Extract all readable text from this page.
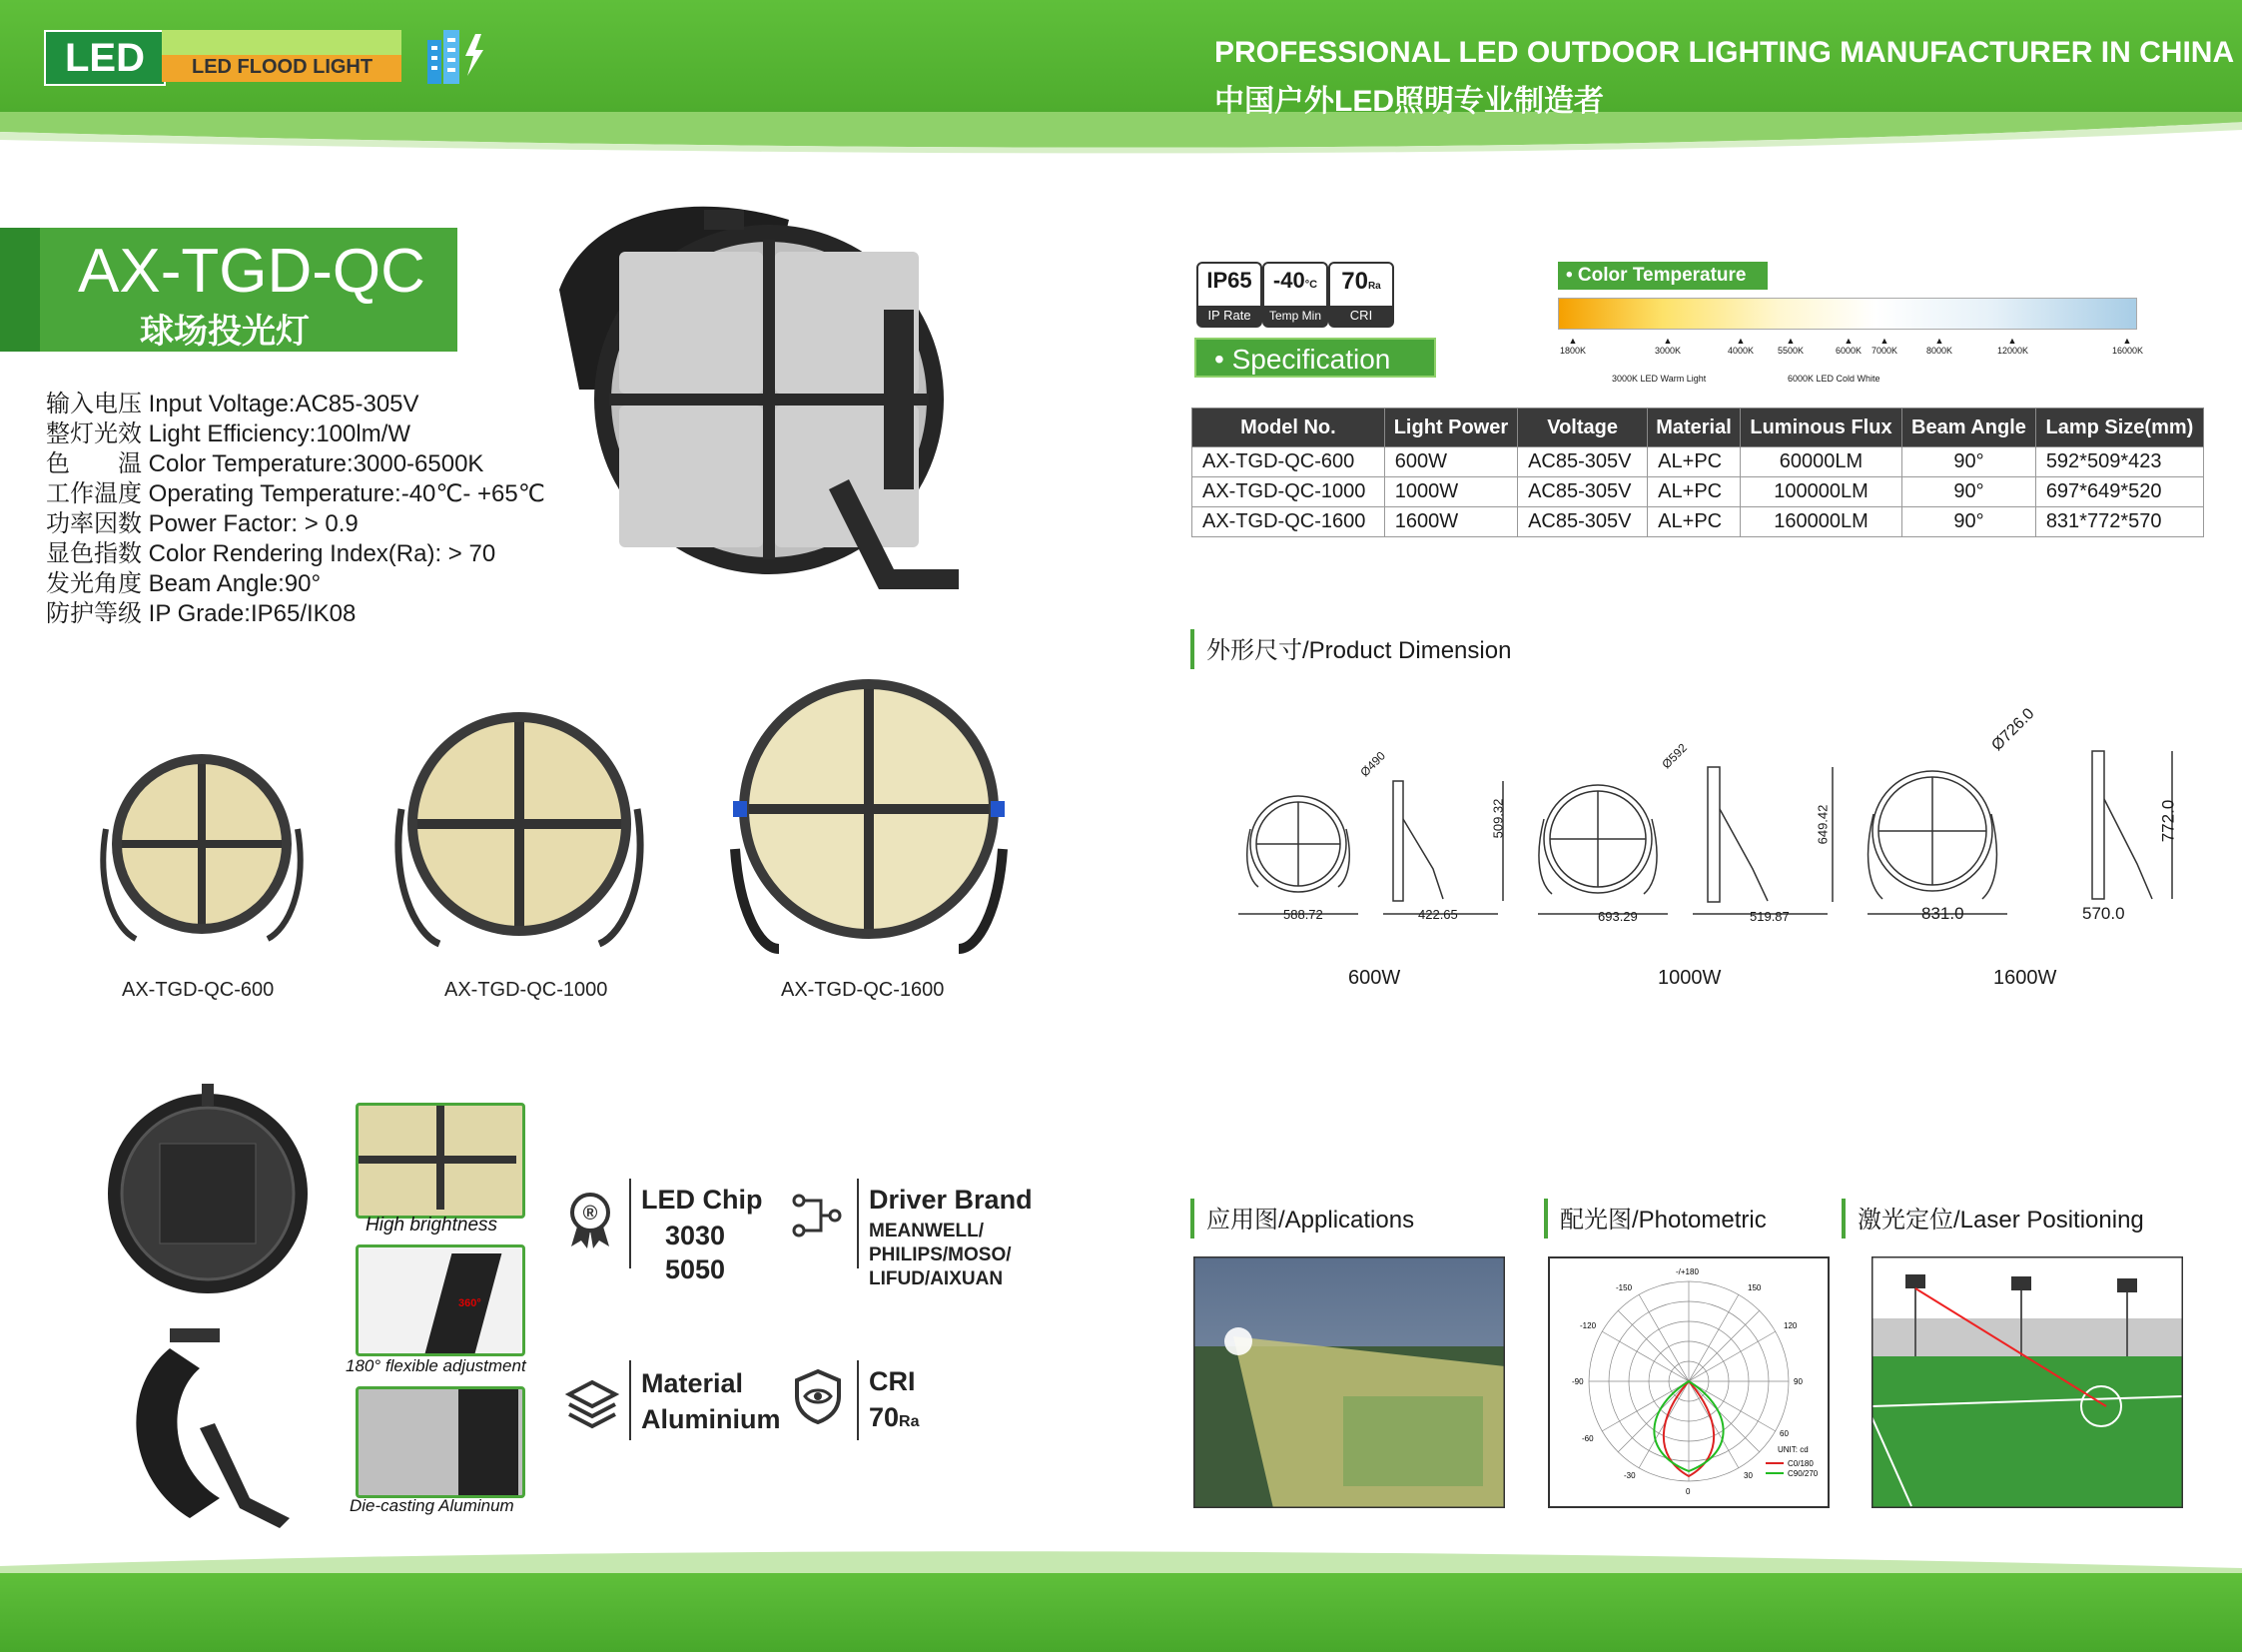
LED	LED FLOOD LIGHT	PROFESSIONAL LED OUTDOOR LIGHTING MANUFACTURER IN CHINA
中国户外LED照明专业制造者
AX-TGD-QC
球场投光灯
输入电压 Input Voltage:AC85-305V
整灯光效 Light Efficiency:100lm/W
色　　温 Color Temperature:3000-6500K
工作温度 Operating Temperature:-40℃- +65℃
功率因数 Power Factor: > 0.9
显色指数 Color Rendering Index(Ra): > 70
发光角度 Beam Angle:90°
防护等级 IP Grade:IP65/IK08
AX-TGD-QC-600	AX-TGD-QC-1000	AX-TGD-QC-1600
IP65
IP Rate
-40°C
Temp Min
70Ra
CRI
• Specification
• Color Temperature
▲
1800K
▲
3000K
▲
4000K
▲
5500K
▲
6000K
▲
7000K
▲
8000K
▲
12000K
▲
16000K
3000K LED Warm Light	6000K LED Cold White
Model No.	Light Power	Voltage	Material	Luminous Flux	Beam Angle	Lamp Size(mm)
AX-TGD-QC-600	600W	AC85-305V	AL+PC	60000LM	90°	592*509*423
AX-TGD-QC-1000	1000W	AC85-305V	AL+PC	100000LM	90°	697*649*520
AX-TGD-QC-1600	1600W	AC85-305V	AL+PC	160000LM	90°	831*772*570
外形尺寸/Product Dimension
Ø490
588.72
509.32
422.65
Ø592
693.29
649.42
519.87
Ø726.0
831.0
772.0
570.0
600W	1000W	1600W
High brightness
360°
180° flexible adjustment
Die-casting Aluminum
® LED Chip
3030
5050
Driver Brand
MEANWELL/
PHILIPS/MOSO/
LIFUD/AIXUAN
Material
Aluminium
CRI
70Ra
应用图/Applications	配光图/Photometric	激光定位/Laser Positioning
-/+180
-150	150
-120	120
-90	90
-60
60
-30	30
0
UNIT: cd
C0/180
C90/270
